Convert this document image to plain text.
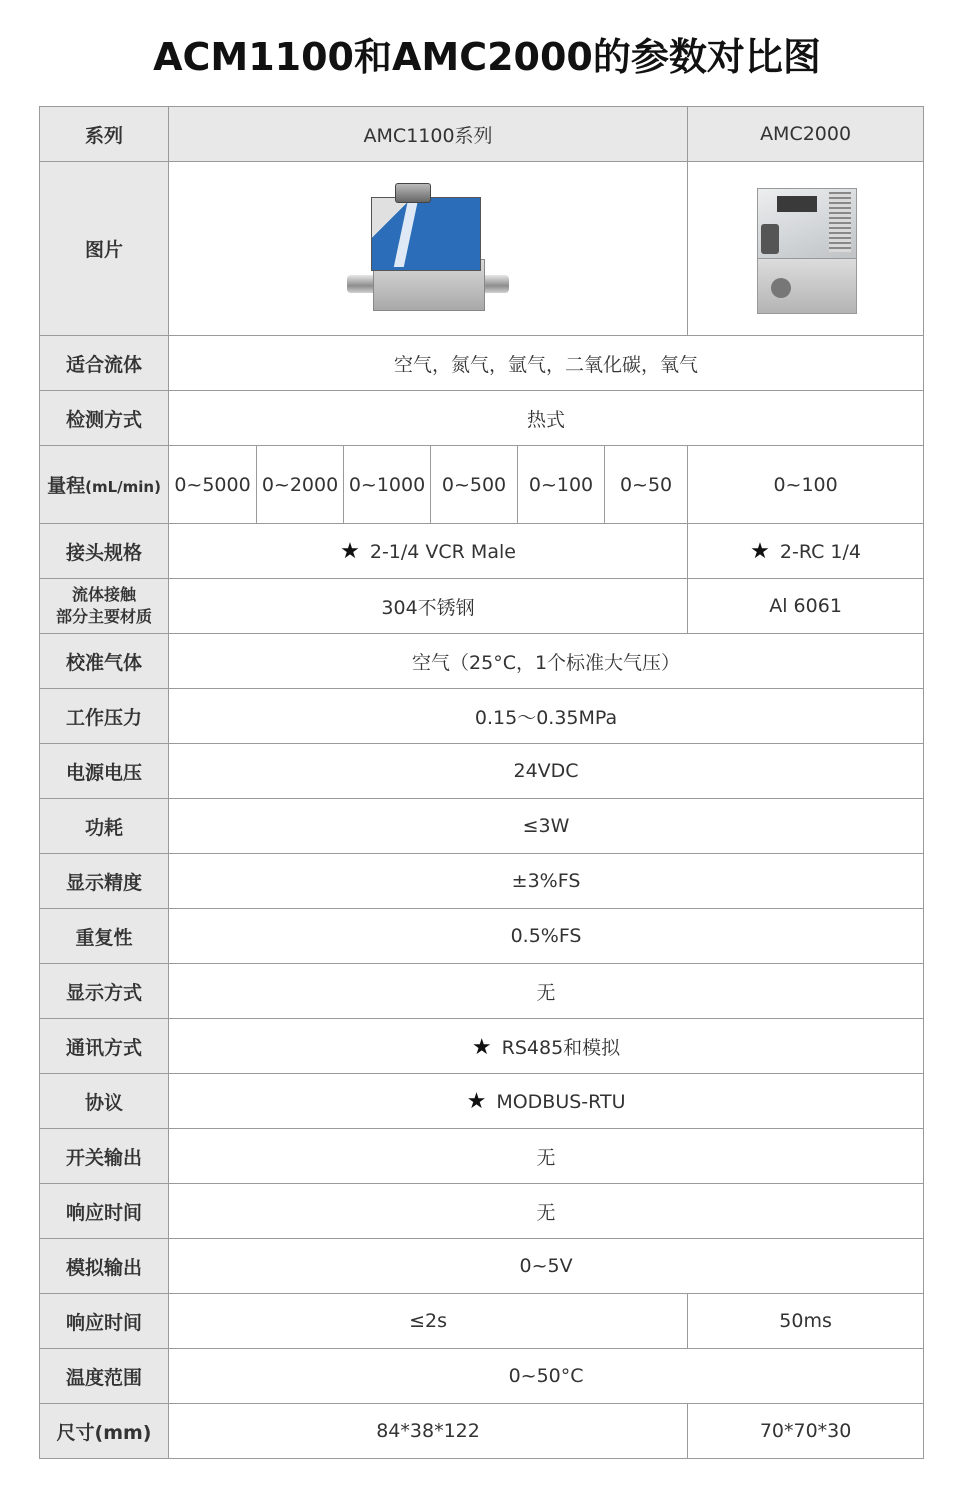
ACM1100和AMC2000的参数对比图
系列	AMC1100系列						AMC2000
图片						

适合流体	空气，氮气，氩气，二氧化碳，氧气						
检测方式	热式						
量程(mL/min)	0~5000	0~2000	0~1000	0~500	0~100	0~50	0~100
接头规格	★ 2-1/4 VCR Male						★ 2-RC 1/4
流体接触
部分主要材质	304不锈钢						Al 6061
校准气体	空气（25°C，1个标准大气压）						
工作压力	0.15～0.35MPa						
电源电压	24VDC						
功耗	≤3W						
显示精度	±3%FS						
重复性	0.5%FS						
显示方式	无						
通讯方式	★ RS485和模拟						
协议	★ MODBUS-RTU						
开关输出	无						
响应时间	无						
模拟输出	0~5V						
响应时间	≤2s						50ms
温度范围	0~50°C						
尺寸(mm)	84*38*122						70*70*30
